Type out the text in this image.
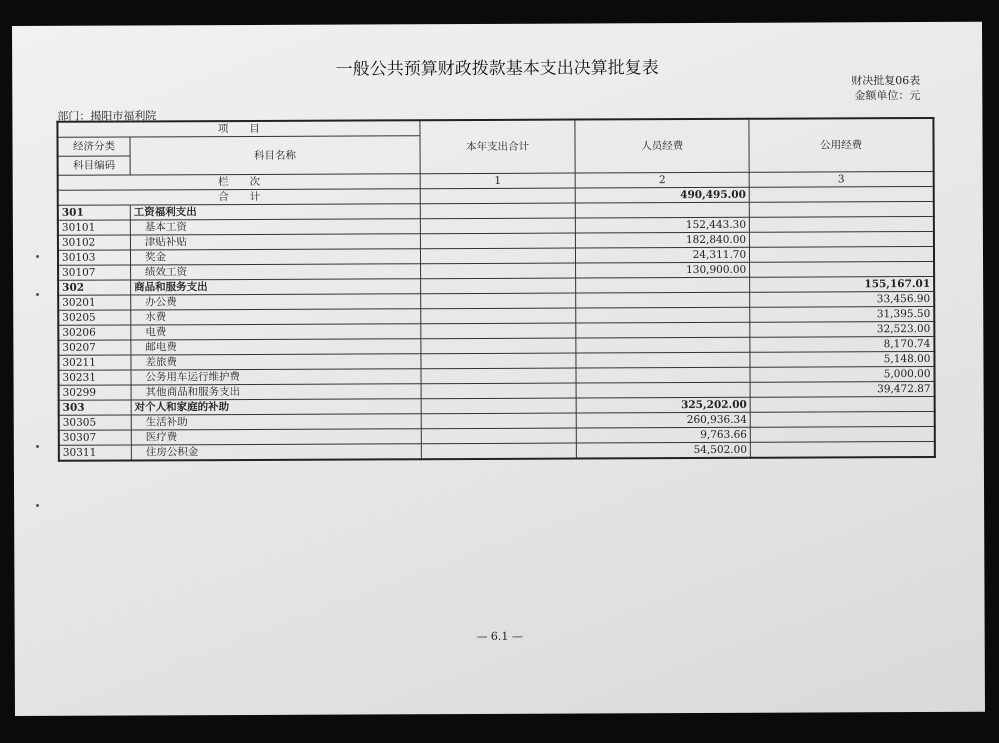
一般公共预算财政拨款基本支出决算批复表
财决批复06表
金额单位：元
部门：揭阳市福利院
项　　目		本年支出合计	人员经费	公用经费
经济分类	科目名称			
科目编码				
栏　　次		1	2	3
合　　计			490,495.00	
301	工资福利支出			
30101	基本工资		152,443.30	
30102	津贴补贴		182,840.00	
30103	奖金		24,311.70	
30107	绩效工资		130,900.00	
302	商品和服务支出			155,167.01
30201	办公费			33,456.90
30205	水费			31,395.50
30206	电费			32,523.00
30207	邮电费			8,170.74
30211	差旅费			5,148.00
30231	公务用车运行维护费			5,000.00
30299	其他商品和服务支出			39,472.87
303	对个人和家庭的补助		325,202.00	
30305	生活补助		260,936.34	
30307	医疗费		9,763.66	
30311	住房公积金		54,502.00	
— 6.1 —
